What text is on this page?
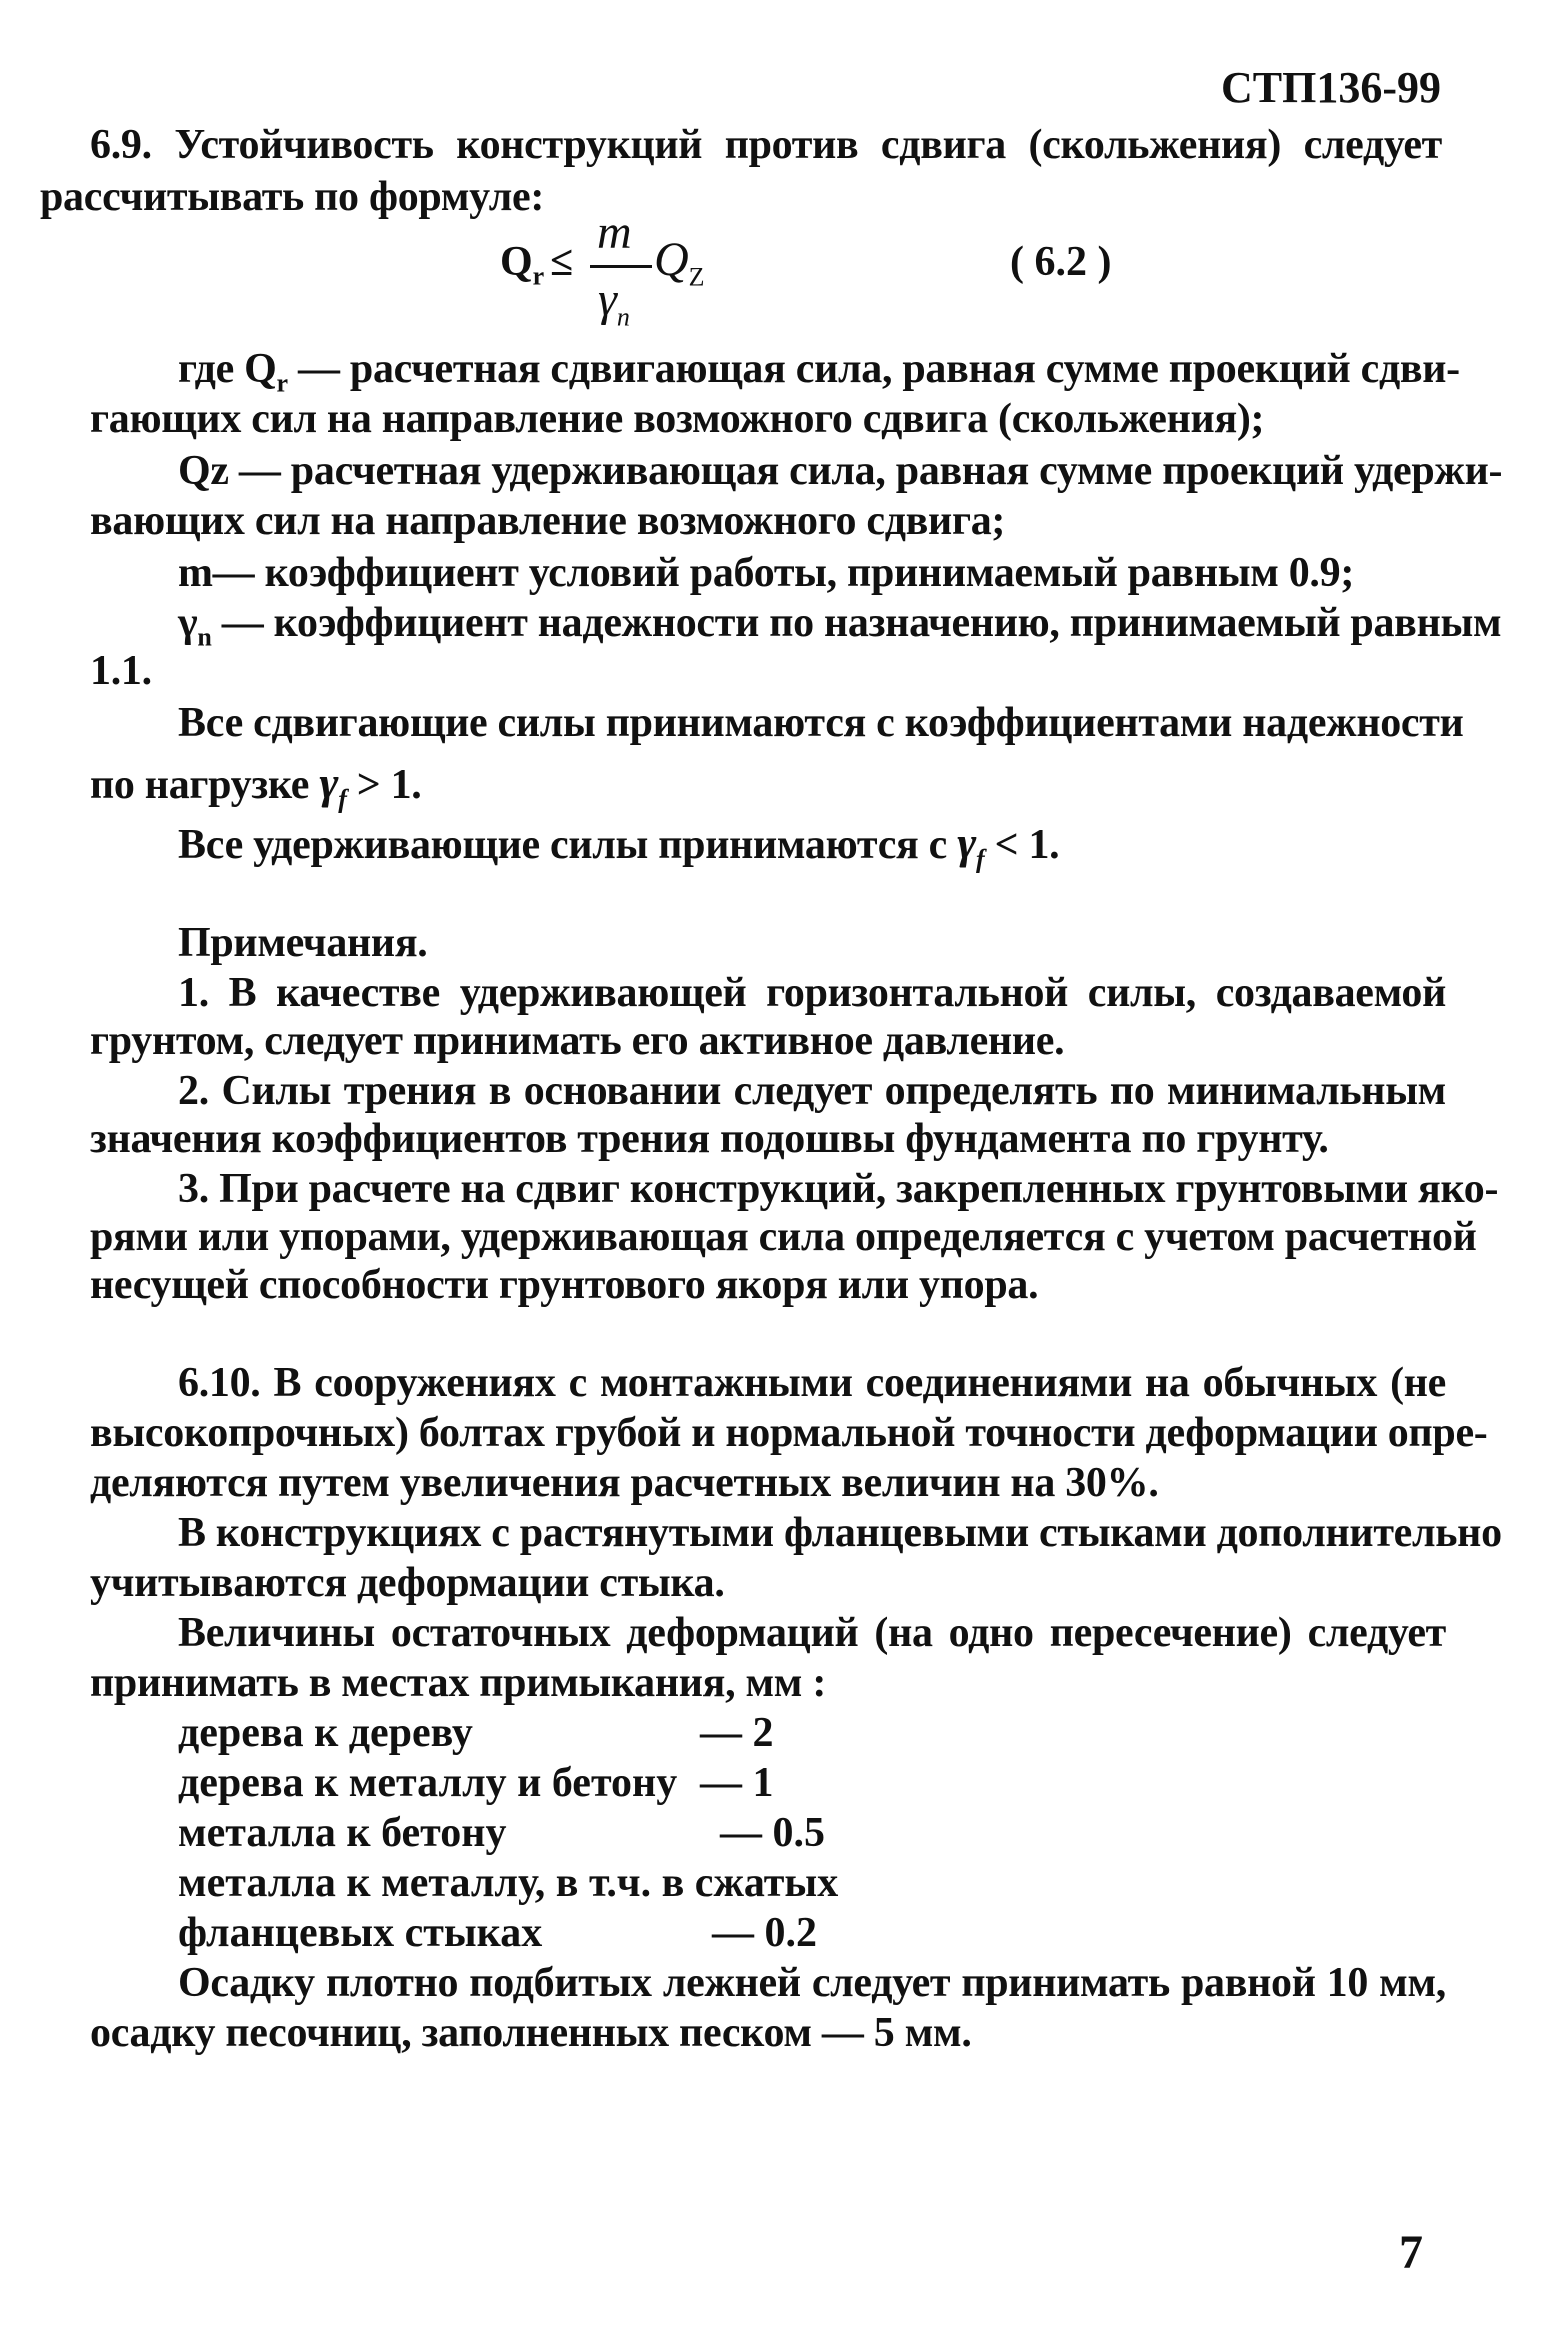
СТП136-99
6.9. Устойчивость конструкций против сдвига (скольжения) следует
рассчитывать по формуле:
$Q_r$ ≤
m
$\gamma_n$
$Q_Z$	( 6.2 )
где $Q_r$ — расчетная сдвигающая сила, равная сумме проекций сдви-
гающих сил на направление возможного сдвига (скольжения);
Qz — расчетная удерживающая сила, равная сумме проекций удержи-
вающих сил на направление возможного сдвига;
m— коэффициент условий работы, принимаемый равным 0.9;
$\gamma_n$ — коэффициент надежности по назначению, принимаемый равным
1.1.
Все сдвигающие силы принимаются с коэффициентами надежности
по нагрузке $\gamma_f > 1$.
Все удерживающие силы принимаются с $\gamma_f < 1$.
Примечания.
1. В качестве удерживающей горизонтальной силы, создаваемой
грунтом, следует принимать его активное давление.
2. Силы трения в основании следует определять по минимальным
значения коэффициентов трения подошвы фундамента по грунту.
3. При расчете на сдвиг конструкций, закрепленных грунтовыми яко-
рями или упорами, удерживающая сила определяется с учетом расчетной
несущей способности грунтового якоря или упора.
6.10. В сооружениях с монтажными соединениями на обычных (не
высокопрочных) болтах грубой и нормальной точности деформации опре-
деляются путем увеличения расчетных величин на 30%.
В конструкциях с растянутыми фланцевыми стыками дополнительно
учитываются деформации стыка.
Величины остаточных деформаций (на одно пересечение) следует
принимать в местах примыкания, мм :
дерева к дереву	— 2
дерева к металлу и бетону — 1
металла к бетону	— 0.5
металла к металлу, в т.ч. в сжатых
фланцевых стыках	— 0.2
Осадку плотно подбитых лежней следует принимать равной 10 мм,
осадку песочниц, заполненных песком — 5 мм.
7
